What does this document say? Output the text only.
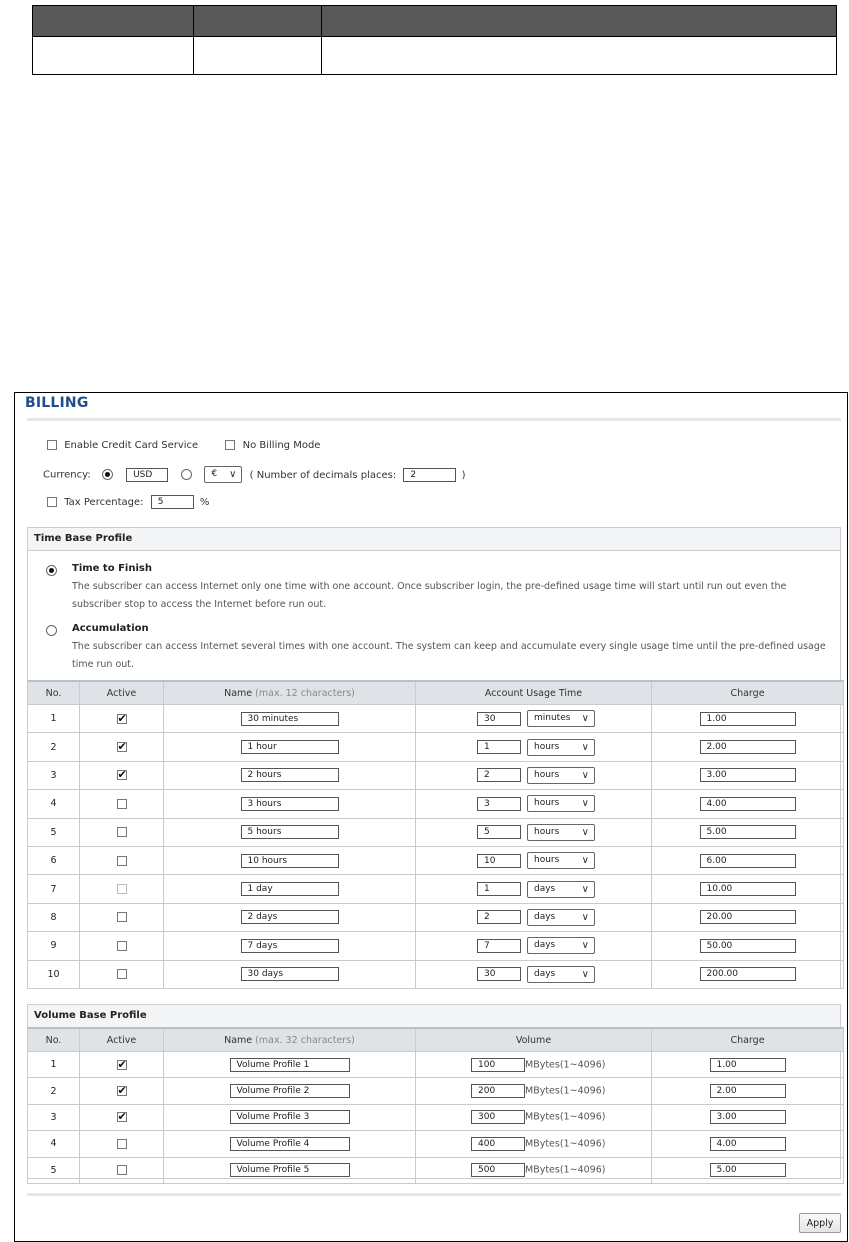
BILLING
Enable Credit Card Service	No Billing Mode
Currency:	USD	€ ∨ ( Number of decimals places: 2	)
Tax Percentage: 5	%
Time Base Profile
Time to Finish
The subscriber can access Internet only one time with one account. Once subscriber login, the pre-defined usage time will start until run out even the subscriber stop to access the Internet before run out.
Accumulation
The subscriber can access Internet several times with one account. The system can keep and accumulate every single usage time until the pre-defined usage time run out.
No.	Active	Name (max. 12 characters)	Account Usage Time	Charge
1	✔	30 minutes	30 minutes ∨	1.00
2	✔	1 hour	1 hours ∨	2.00
3	✔	2 hours	2 hours ∨	3.00
4		3 hours	3 hours ∨	4.00
5		5 hours	5 hours ∨	5.00
6		10 hours	10 hours ∨	6.00
7		1 day	1 days ∨	10.00
8		2 days	2 days ∨	20.00
9		7 days	7 days ∨	50.00
10		30 days	30 days ∨	200.00
Volume Base Profile
No.	Active	Name (max. 32 characters)	Volume	Charge
1	✔	Volume Profile 1	100 MBytes(1~4096)	1.00
2	✔	Volume Profile 2	200 MBytes(1~4096)	2.00
3	✔	Volume Profile 3	300 MBytes(1~4096)	3.00
4		Volume Profile 4	400 MBytes(1~4096)	4.00
5		Volume Profile 5	500 MBytes(1~4096)	5.00
Apply
